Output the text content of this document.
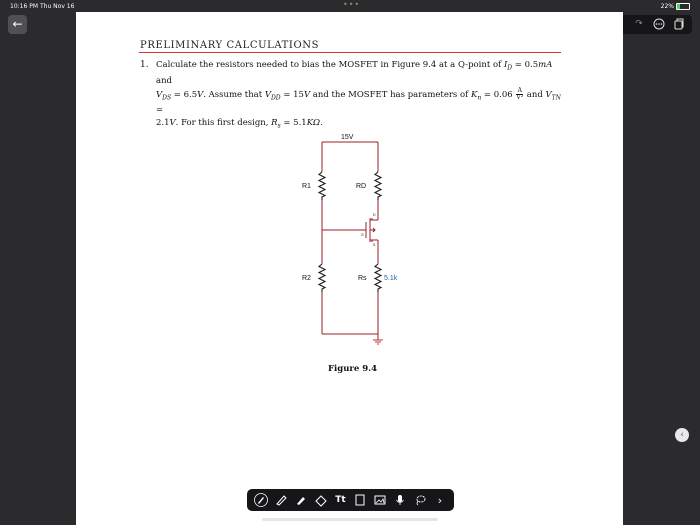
10:16 PM Thu Nov 16	•••	22%
←	↷
PRELIMINARY CALCULATIONS
1. Calculate the resistors needed to bias the MOSFET in Figure 9.4 at a Q-point of $I_D = 0.5mA$ and
$V_{DS} = 6.5V$. Assume that $V_{DD} = 15V$ and the MOSFET has parameters of $K_n = 0.06 \frac{A}{\text{V²}}$ and $V_{TN}$ =
2.1V. For this first design, $R_s = 5.1K\Omega$.
15V
R1	RD
R2	Rs 5.1k
D
G
S
Figure 9.4
‹
Tt	›
